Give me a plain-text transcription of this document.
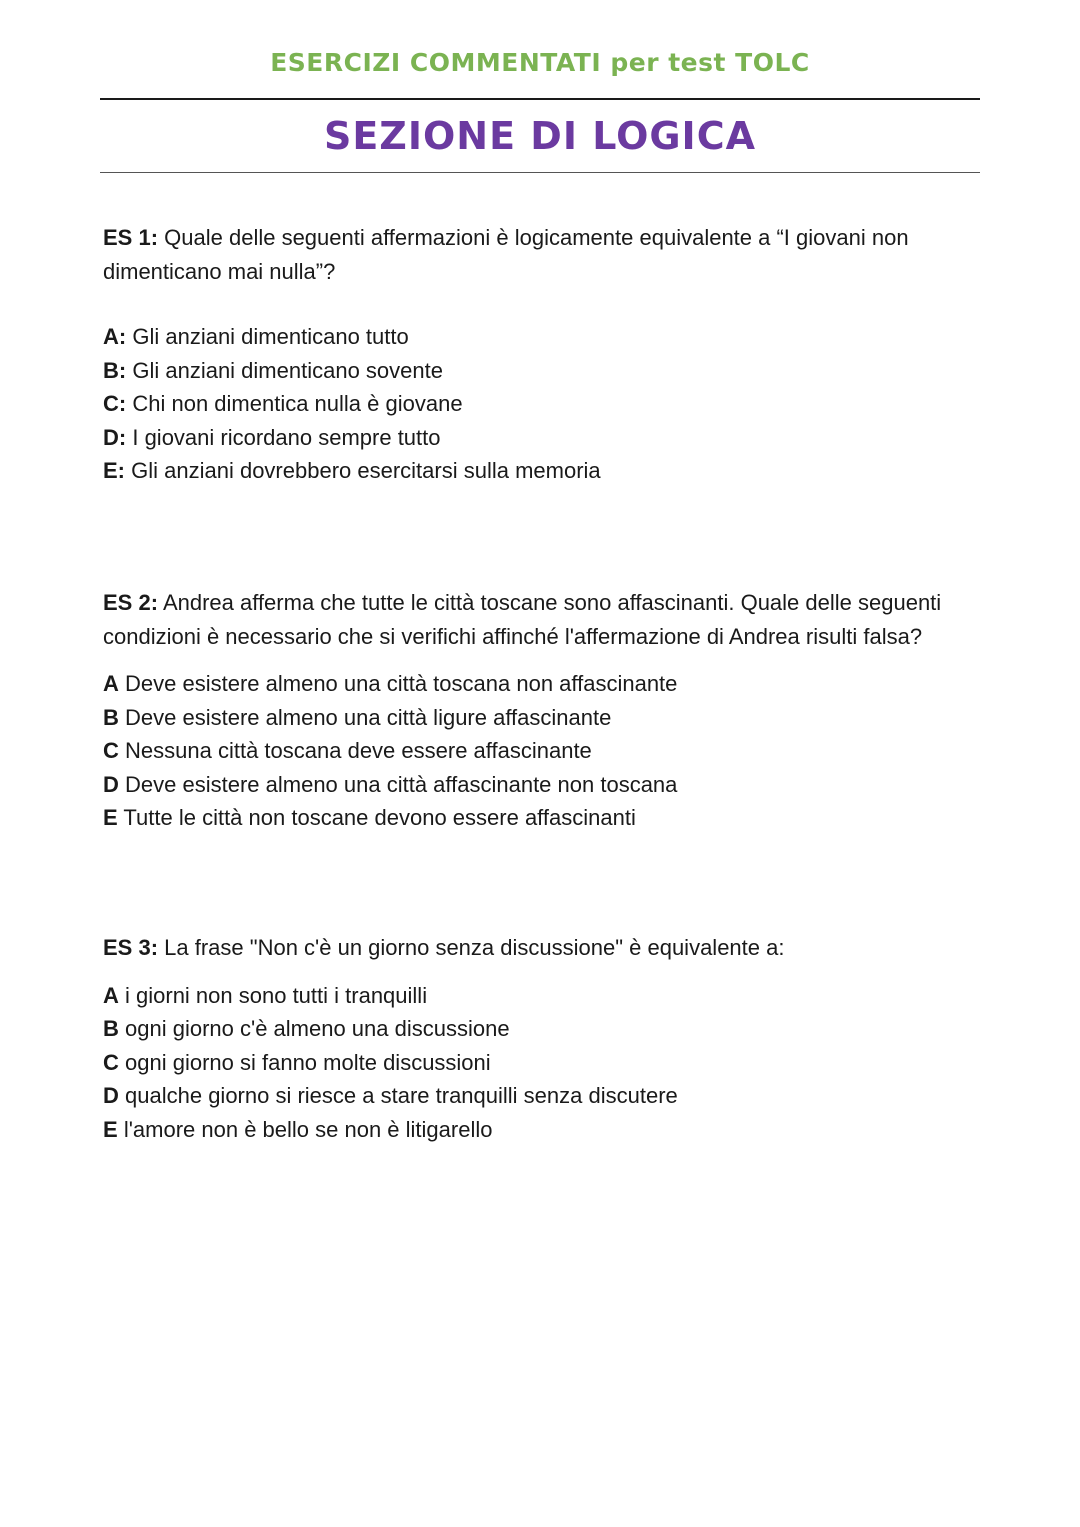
ESERCIZI COMMENTATI per test TOLC
SEZIONE DI LOGICA

ES 1: Quale delle seguenti affermazioni è logicamente equivalente a “I giovani non dimenticano mai nulla”?

A: Gli anziani dimenticano tutto
B: Gli anziani dimenticano sovente
C: Chi non dimentica nulla è giovane
D: I giovani ricordano sempre tutto
E: Gli anziani dovrebbero esercitarsi sulla memoria

ES 2: Andrea afferma che tutte le città toscane sono affascinanti. Quale delle seguenti condizioni è necessario che si verifichi affinché l'affermazione di Andrea risulti falsa?

A Deve esistere almeno una città toscana non affascinante
B Deve esistere almeno una città ligure affascinante
C Nessuna città toscana deve essere affascinante
D Deve esistere almeno una città affascinante non toscana
E Tutte le città non toscane devono essere affascinanti

ES 3: La frase "Non c'è un giorno senza discussione" è equivalente a:

A i giorni non sono tutti i tranquilli
B ogni giorno c'è almeno una discussione
C ogni giorno si fanno molte discussioni
D qualche giorno si riesce a stare tranquilli senza discutere
E l'amore non è bello se non è litigarello
